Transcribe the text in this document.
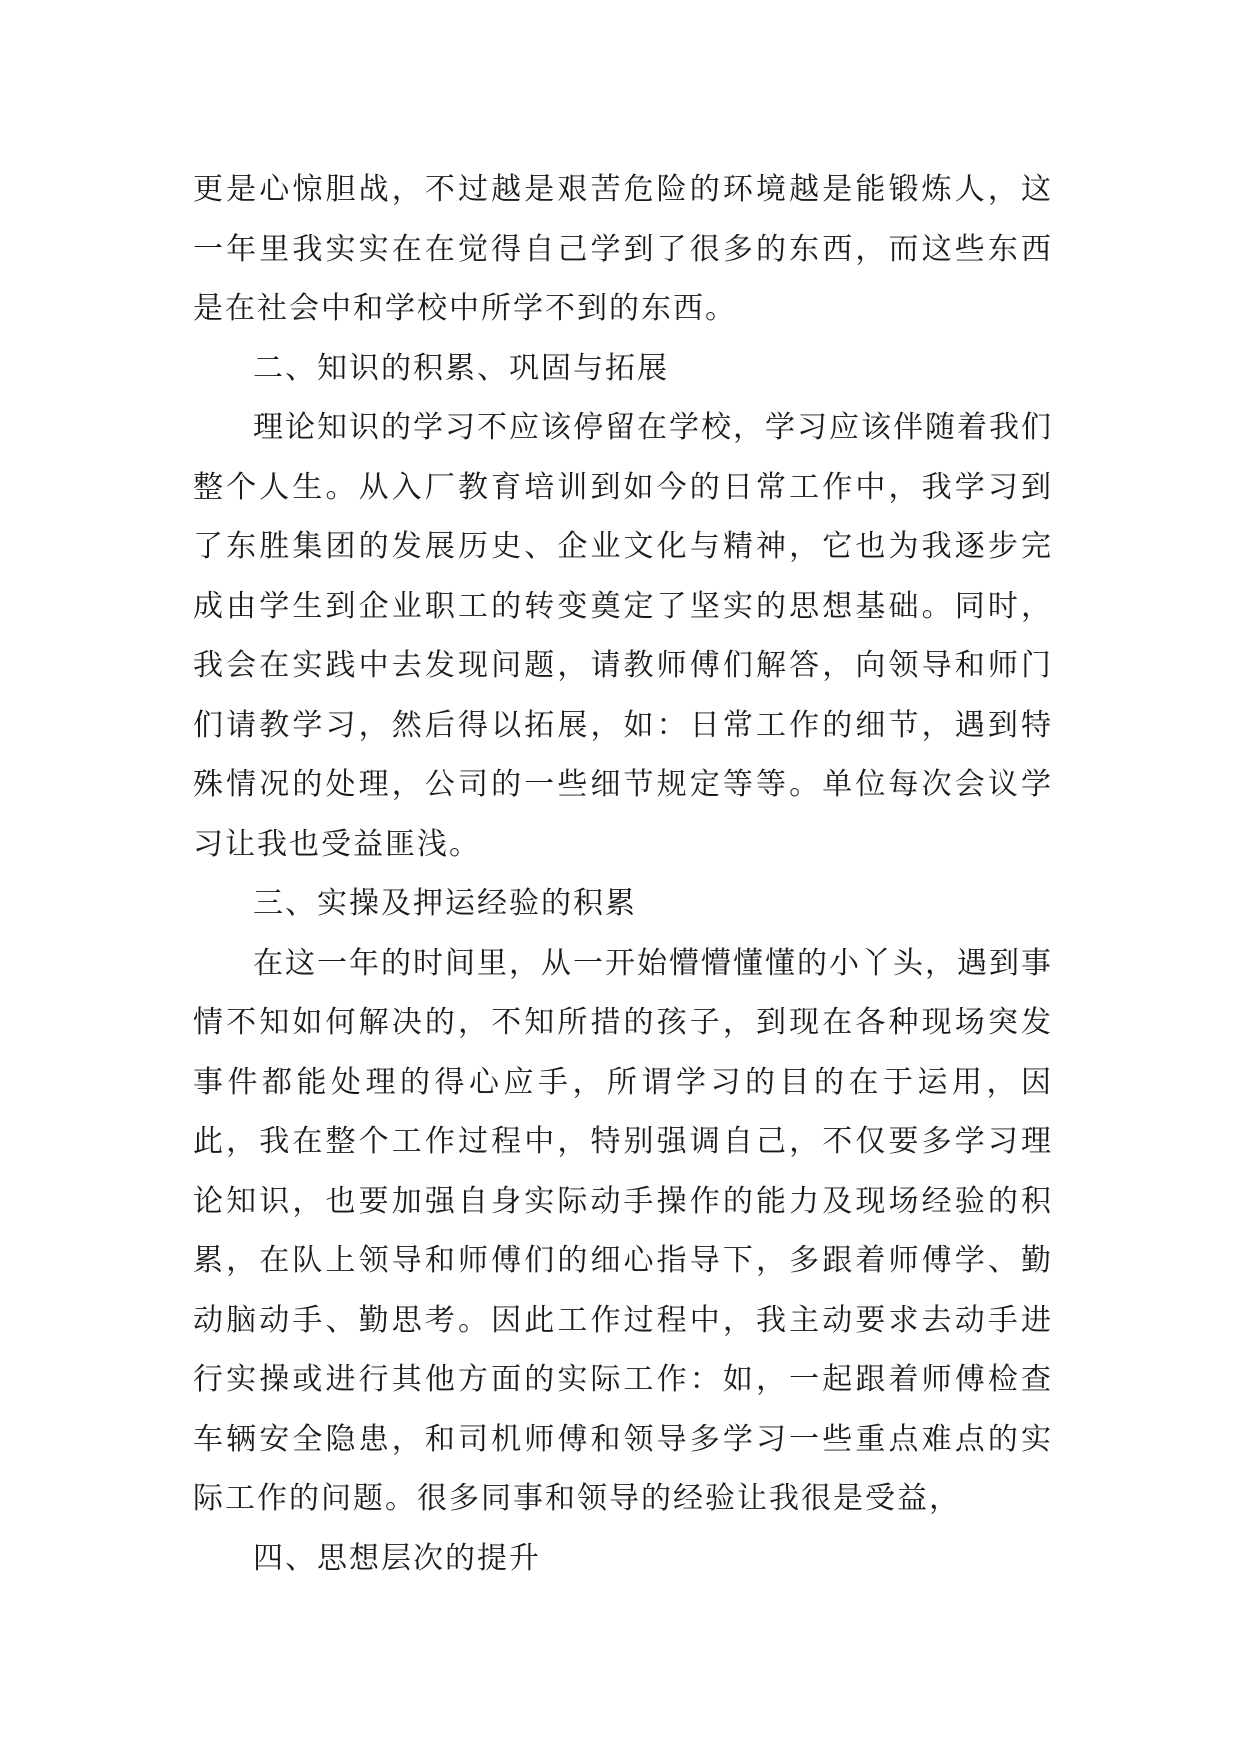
更是心惊胆战，不过越是艰苦危险的环境越是能锻炼人，这一年里我实实在在觉得自己学到了很多的东西，而这些东西是在社会中和学校中所学不到的东西。

二、知识的积累、巩固与拓展

理论知识的学习不应该停留在学校，学习应该伴随着我们整个人生。从入厂教育培训到如今的日常工作中，我学习到了东胜集团的发展历史、企业文化与精神，它也为我逐步完成由学生到企业职工的转变奠定了坚实的思想基础。同时，我会在实践中去发现问题，请教师傅们解答，向领导和师门们请教学习，然后得以拓展，如：日常工作的细节，遇到特殊情况的处理，公司的一些细节规定等等。单位每次会议学习让我也受益匪浅。

三、实操及押运经验的积累

在这一年的时间里，从一开始懵懵懂懂的小丫头，遇到事情不知如何解决的，不知所措的孩子，到现在各种现场突发事件都能处理的得心应手，所谓学习的目的在于运用，因此，我在整个工作过程中，特别强调自己，不仅要多学习理论知识，也要加强自身实际动手操作的能力及现场经验的积累，在队上领导和师傅们的细心指导下，多跟着师傅学、勤动脑动手、勤思考。因此工作过程中，我主动要求去动手进行实操或进行其他方面的实际工作：如，一起跟着师傅检查车辆安全隐患，和司机师傅和领导多学习一些重点难点的实际工作的问题。很多同事和领导的经验让我很是受益，

四、思想层次的提升
